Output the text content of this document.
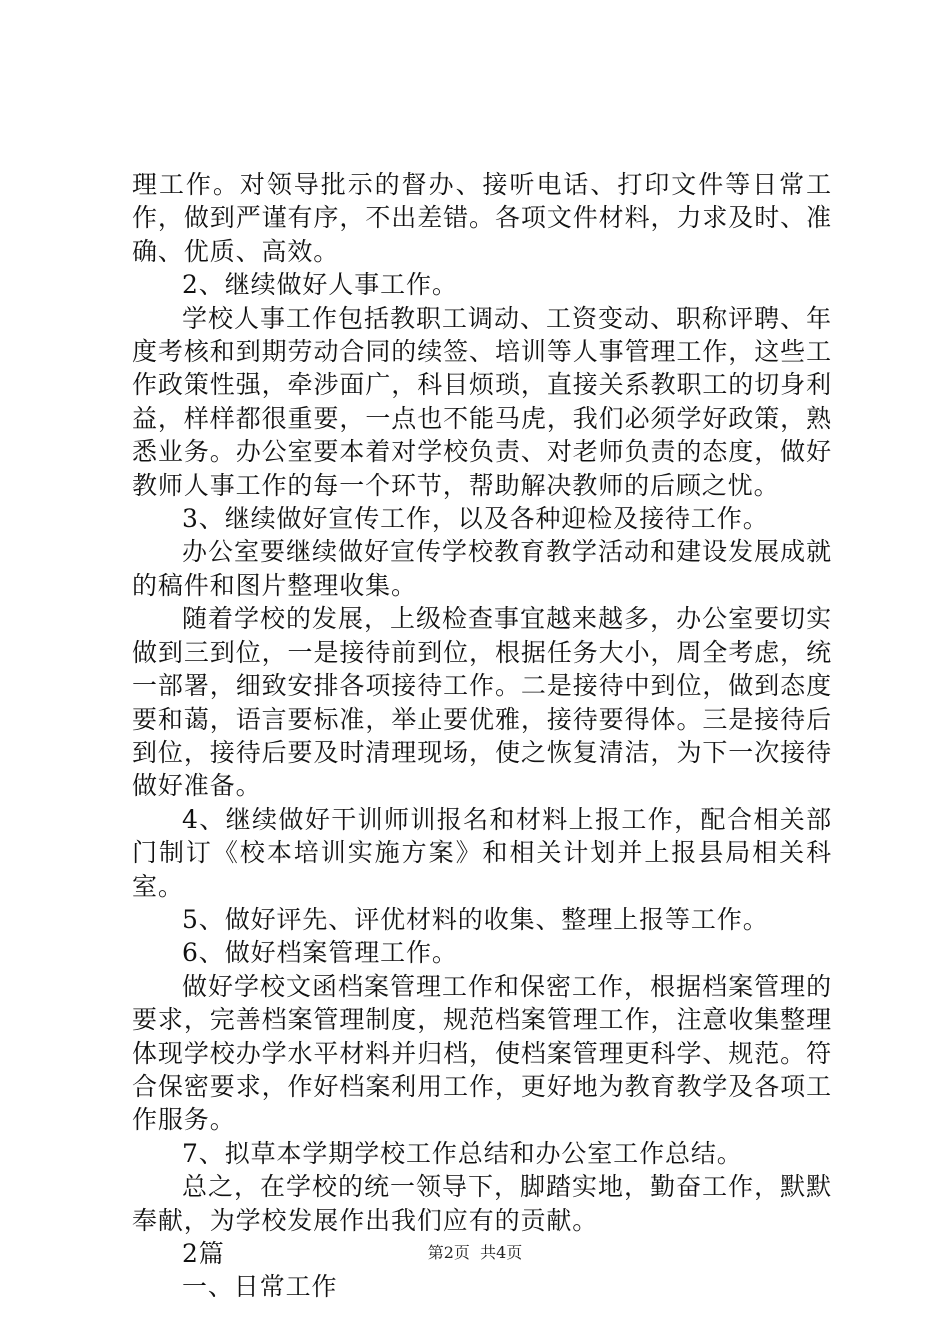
理工作。对领导批示的督办、接听电话、打印文件等日常工作，做到严谨有序，不出差错。各项文件材料，力求及时、准确、优质、高效。

2、继续做好人事工作。

学校人事工作包括教职工调动、工资变动、职称评聘、年度考核和到期劳动合同的续签、培训等人事管理工作，这些工作政策性强，牵涉面广，科目烦琐，直接关系教职工的切身利益，样样都很重要，一点也不能马虎，我们必须学好政策，熟悉业务。办公室要本着对学校负责、对老师负责的态度，做好教师人事工作的每一个环节，帮助解决教师的后顾之忧。

3、继续做好宣传工作，以及各种迎检及接待工作。

办公室要继续做好宣传学校教育教学活动和建设发展成就的稿件和图片整理收集。

随着学校的发展，上级检查事宜越来越多，办公室要切实做到三到位，一是接待前到位，根据任务大小，周全考虑，统一部署，细致安排各项接待工作。二是接待中到位，做到态度要和蔼，语言要标准，举止要优雅，接待要得体。三是接待后到位，接待后要及时清理现场，使之恢复清洁，为下一次接待做好准备。

4、继续做好干训师训报名和材料上报工作，配合相关部门制订《校本培训实施方案》和相关计划并上报县局相关科室。

5、做好评先、评优材料的收集、整理上报等工作。

6、做好档案管理工作。

做好学校文函档案管理工作和保密工作，根据档案管理的要求，完善档案管理制度，规范档案管理工作，注意收集整理体现学校办学水平材料并归档，使档案管理更科学、规范。符合保密要求，作好档案利用工作，更好地为教育教学及各项工作服务。

7、拟草本学期学校工作总结和办公室工作总结。

总之，在学校的统一领导下，脚踏实地，勤奋工作，默默奉献，为学校发展作出我们应有的贡献。

2篇

一、日常工作

第2页  共4页
